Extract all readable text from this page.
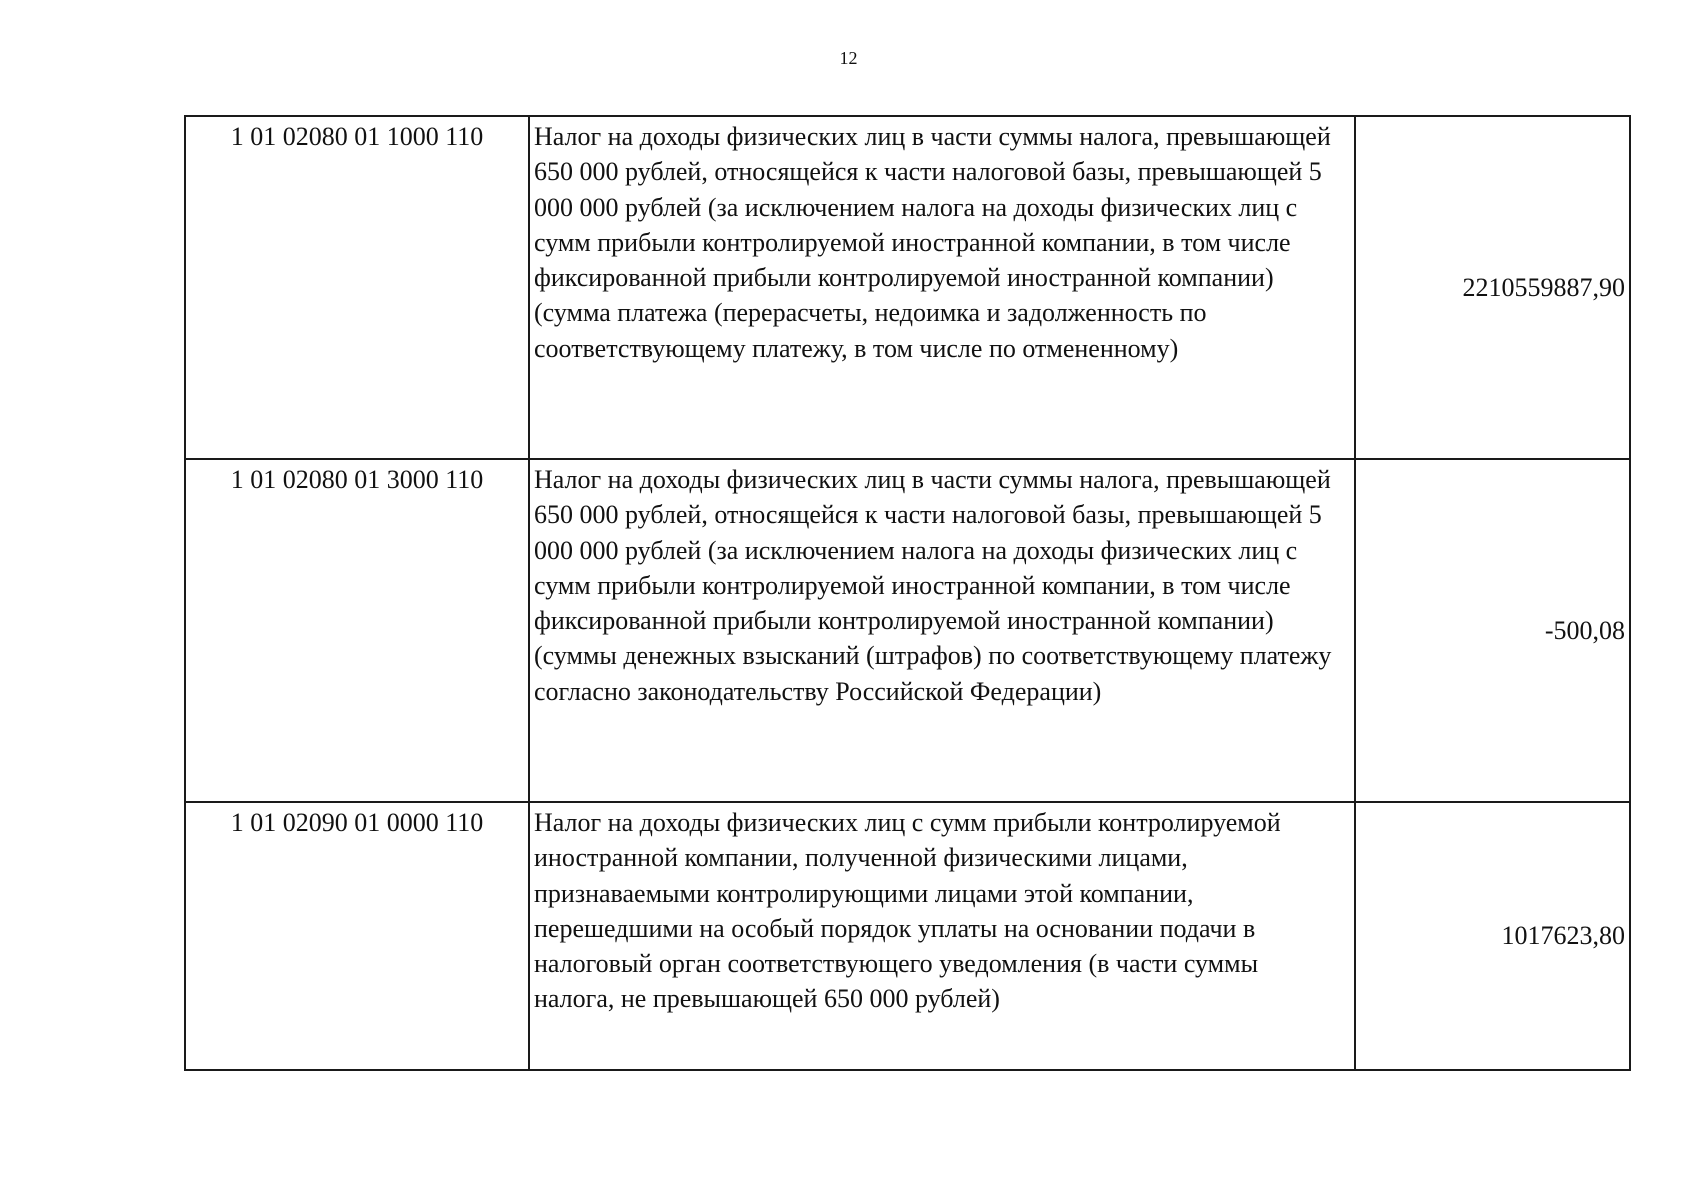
12
1 01 02080 01 1000 110	Налог на доходы физических лиц в части суммы налога, превышающей 650 000 рублей, относящейся к части налоговой базы, превышающей 5 000 000 рублей (за исключением налога на доходы физических лиц с сумм прибыли контролируемой иностранной компании, в том числе фиксированной прибыли контролируемой иностранной компании) (сумма платежа (перерасчеты, недоимка и задолженность по соответствующему платежу, в том числе по отмененному)	2210559887,90
1 01 02080 01 3000 110	Налог на доходы физических лиц в части суммы налога, превышающей 650 000 рублей, относящейся к части налоговой базы, превышающей 5 000 000 рублей (за исключением налога на доходы физических лиц с сумм прибыли контролируемой иностранной компании, в том числе фиксированной прибыли контролируемой иностранной компании) (суммы денежных взысканий (штрафов) по соответствующему платежу согласно законодательству Российской Федерации)	-500,08
1 01 02090 01 0000 110	Налог на доходы физических лиц с сумм прибыли контролируемой иностранной компании, полученной физическими лицами, признаваемыми контролирующими лицами этой компании, перешедшими на особый порядок уплаты на основании подачи в налоговый орган соответствующего уведомления (в части суммы налога, не превышающей 650 000 рублей)	1017623,80
